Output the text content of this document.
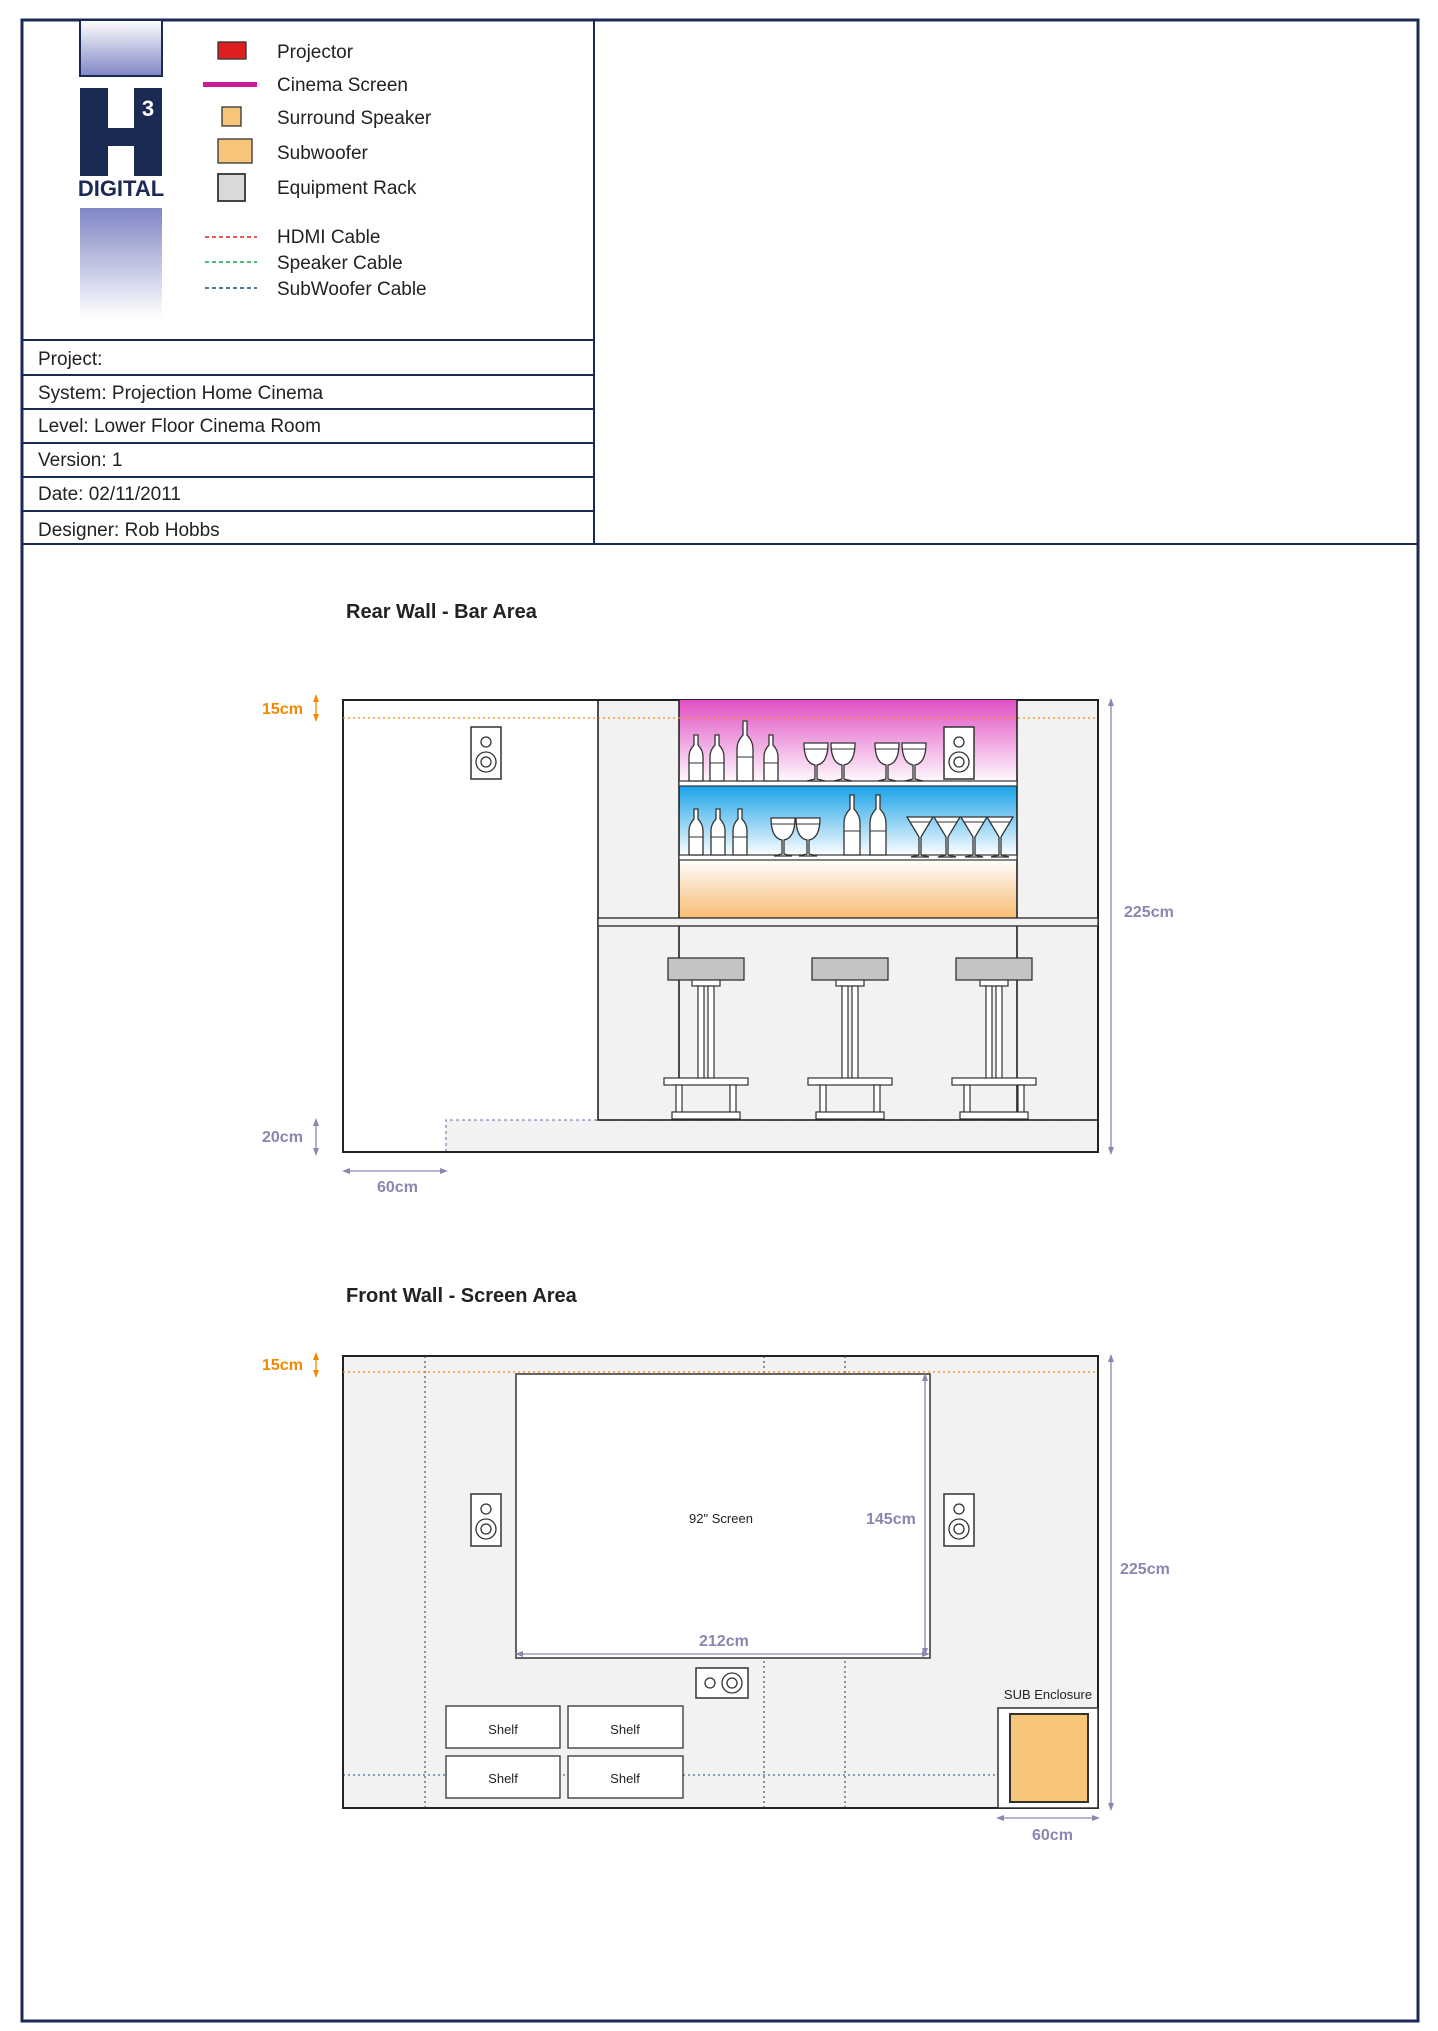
3
DIGITAL
Projector
Cinema Screen
Surround Speaker
Subwoofer
Equipment Rack
HDMI Cable
Speaker Cable
SubWoofer Cable
Project:
System: Projection Home Cinema
Level: Lower Floor Cinema Room
Version: 1
Date: 02/11/2011
Designer: Rob Hobbs
Rear Wall - Bar Area
15cm
20cm
60cm
225cm
Front Wall - Screen Area
92" Screen	145cm
212cm
Shelf	Shelf
Shelf	Shelf
SUB Enclosure
15cm
225cm
60cm
